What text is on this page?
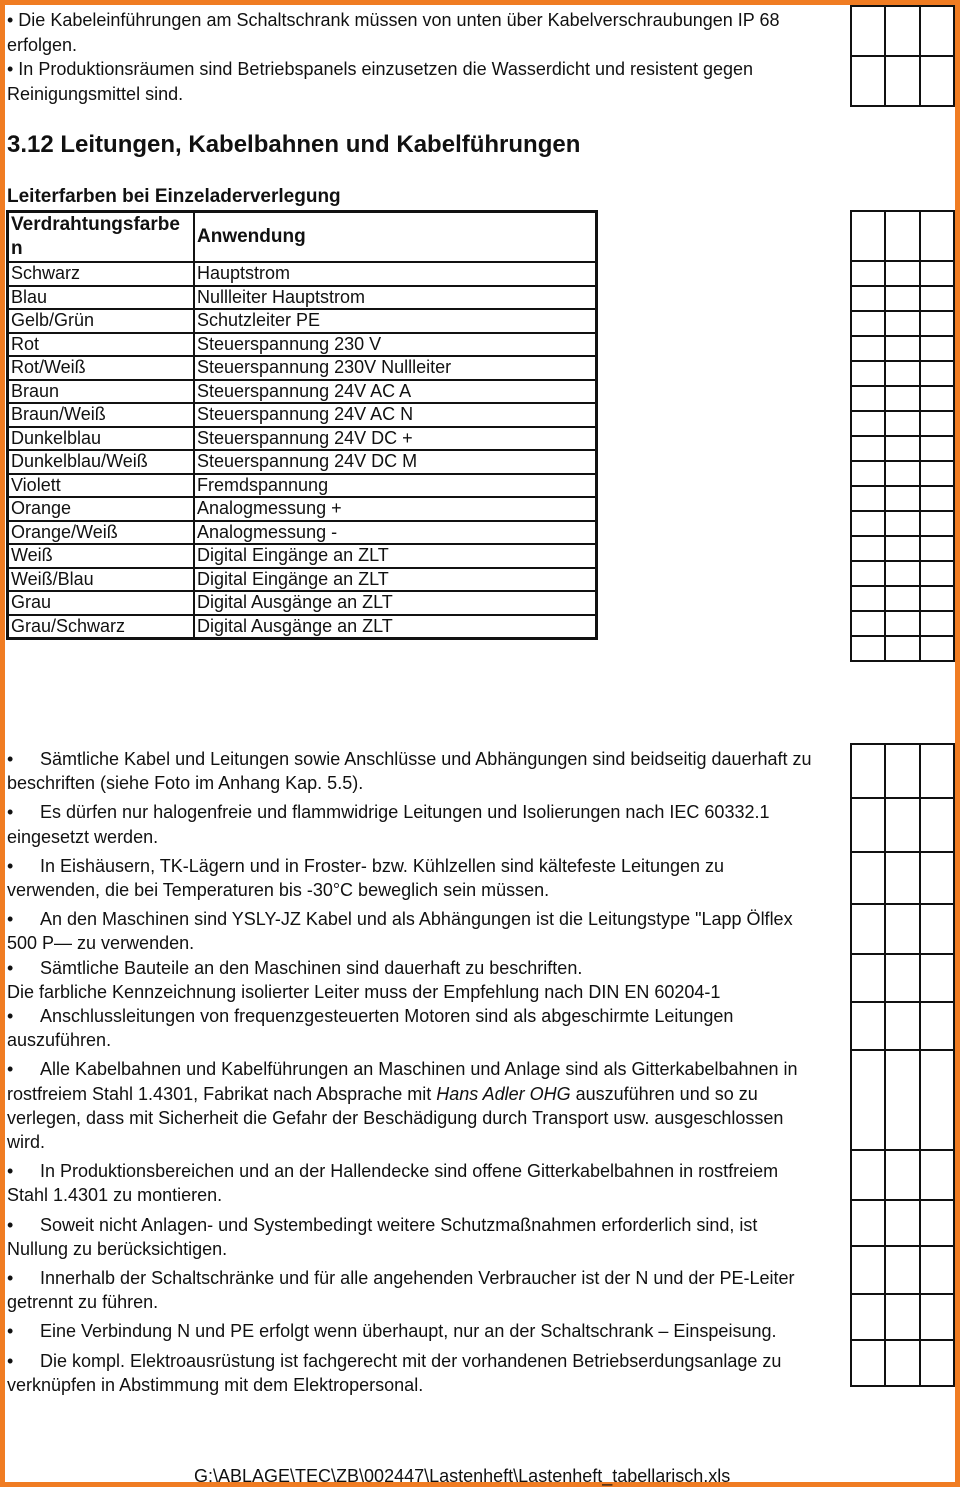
• Die Kabeleinführungen am Schaltschrank müssen von unten über Kabelverschraubungen IP 68 erfolgen.
• In Produktionsräumen sind Betriebspanels einzusetzen die Wasserdicht und resistent gegen Reinigungsmittel sind.
3.12 Leitungen, Kabelbahnen und Kabelführungen
Leiterfarben bei Einzeladerverlegung
Verdrahtungsfarbe n	Anwendung
Schwarz	Hauptstrom
Blau	Nullleiter Hauptstrom
Gelb/Grün	Schutzleiter PE
Rot	Steuerspannung 230 V
Rot/Weiß	Steuerspannung 230V Nullleiter
Braun	Steuerspannung 24V AC A
Braun/Weiß	Steuerspannung 24V AC N
Dunkelblau	Steuerspannung 24V DC +
Dunkelblau/Weiß	Steuerspannung 24V DC M
Violett	Fremdspannung
Orange	Analogmessung +
Orange/Weiß	Analogmessung -
Weiß	Digital Eingänge an ZLT
Weiß/Blau	Digital Eingänge an ZLT
Grau	Digital Ausgänge an ZLT
Grau/Schwarz	Digital Ausgänge an ZLT
• Sämtliche Kabel und Leitungen sowie Anschlüsse und Abhängungen sind beidseitig dauerhaft zu beschriften (siehe Foto im Anhang Kap. 5.5).
• Es dürfen nur halogenfreie und flammwidrige Leitungen und Isolierungen nach IEC 60332.1 eingesetzt werden.
• In Eishäusern, TK-Lägern und in Froster- bzw. Kühlzellen sind kältefeste Leitungen zu verwenden, die bei Temperaturen bis -30°C beweglich sein müssen.
• An den Maschinen sind YSLY-JZ Kabel und als Abhängungen ist die Leitungstype "Lapp Ölflex 500 P— zu verwenden.
• Sämtliche Bauteile an den Maschinen sind dauerhaft zu beschriften.
Die farbliche Kennzeichnung isolierter Leiter muss der Empfehlung nach DIN EN 60204-1
• Anschlussleitungen von frequenzgesteuerten Motoren sind als abgeschirmte Leitungen auszuführen.
• Alle Kabelbahnen und Kabelführungen an Maschinen und Anlage sind als Gitterkabelbahnen in rostfreiem Stahl 1.4301, Fabrikat nach Absprache mit Hans Adler OHG auszuführen und so zu verlegen, dass mit Sicherheit die Gefahr der Beschädigung durch Transport usw. ausgeschlossen wird.
• In Produktionsbereichen und an der Hallendecke sind offene Gitterkabelbahnen in rostfreiem Stahl 1.4301 zu montieren.
• Soweit nicht Anlagen- und Systembedingt weitere Schutzmaßnahmen erforderlich sind, ist Nullung zu berücksichtigen.
• Innerhalb der Schaltschränke und für alle angehenden Verbraucher ist der N und der PE-Leiter getrennt zu führen.
• Eine Verbindung N und PE erfolgt wenn überhaupt, nur an der Schaltschrank – Einspeisung.
• Die kompl. Elektroausrüstung ist fachgerecht mit der vorhandenen Betriebserdungsanlage zu verknüpfen in Abstimmung mit dem Elektropersonal.
G:\ABLAGE\TEC\ZB\002447\Lastenheft\Lastenheft_tabellarisch.xls
